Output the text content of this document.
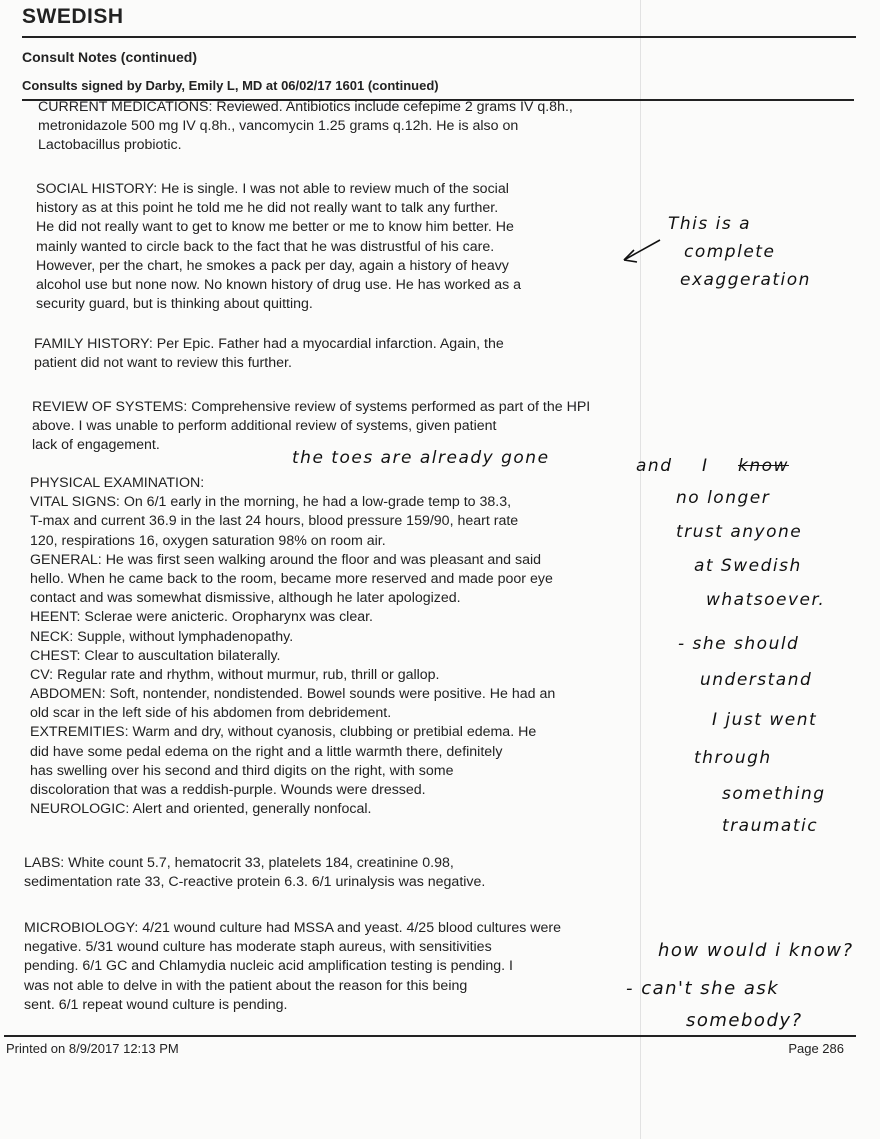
SWEDISH
Consult Notes (continued)
Consults signed by Darby, Emily L, MD at 06/02/17 1601 (continued)
CURRENT MEDICATIONS: Reviewed. Antibiotics include cefepime 2 grams IV q.8h.,
metronidazole 500 mg IV q.8h., vancomycin 1.25 grams q.12h. He is also on
Lactobacillus probiotic.
SOCIAL HISTORY: He is single. I was not able to review much of the social
history as at this point he told me he did not really want to talk any further.
He did not really want to get to know me better or me to know him better. He
mainly wanted to circle back to the fact that he was distrustful of his care.
However, per the chart, he smokes a pack per day, again a history of heavy
alcohol use but none now. No known history of drug use. He has worked as a
security guard, but is thinking about quitting.
FAMILY HISTORY: Per Epic. Father had a myocardial infarction. Again, the
patient did not want to review this further.
REVIEW OF SYSTEMS: Comprehensive review of systems performed as part of the HPI
above. I was unable to perform additional review of systems, given patient
lack of engagement.
PHYSICAL EXAMINATION:
VITAL SIGNS: On 6/1 early in the morning, he had a low-grade temp to 38.3,
T-max and current 36.9 in the last 24 hours, blood pressure 159/90, heart rate
120, respirations 16, oxygen saturation 98% on room air.
GENERAL: He was first seen walking around the floor and was pleasant and said
hello. When he came back to the room, became more reserved and made poor eye
contact and was somewhat dismissive, although he later apologized.
HEENT: Sclerae were anicteric. Oropharynx was clear.
NECK: Supple, without lymphadenopathy.
CHEST: Clear to auscultation bilaterally.
CV: Regular rate and rhythm, without murmur, rub, thrill or gallop.
ABDOMEN: Soft, nontender, nondistended. Bowel sounds were positive. He had an
old scar in the left side of his abdomen from debridement.
EXTREMITIES: Warm and dry, without cyanosis, clubbing or pretibial edema. He
did have some pedal edema on the right and a little warmth there, definitely
has swelling over his second and third digits on the right, with some
discoloration that was a reddish-purple. Wounds were dressed.
NEUROLOGIC: Alert and oriented, generally nonfocal.
LABS: White count 5.7, hematocrit 33, platelets 184, creatinine 0.98,
sedimentation rate 33, C-reactive protein 6.3. 6/1 urinalysis was negative.
MICROBIOLOGY: 4/21 wound culture had MSSA and yeast. 4/25 blood cultures were
negative. 5/31 wound culture has moderate staph aureus, with sensitivities
pending. 6/1 GC and Chlamydia nucleic acid amplification testing is pending. I
was not able to delve in with the patient about the reason for this being
sent. 6/1 repeat wound culture is pending.
This is a
complete
exaggeration
the toes are already gone	and I know
no longer
trust anyone
at Swedish
whatsoever.
- she should
understand
I just went
through
something
traumatic
how would i know?
- can't she ask
somebody?
Printed on 8/9/2017 12:13 PM	Page 286
